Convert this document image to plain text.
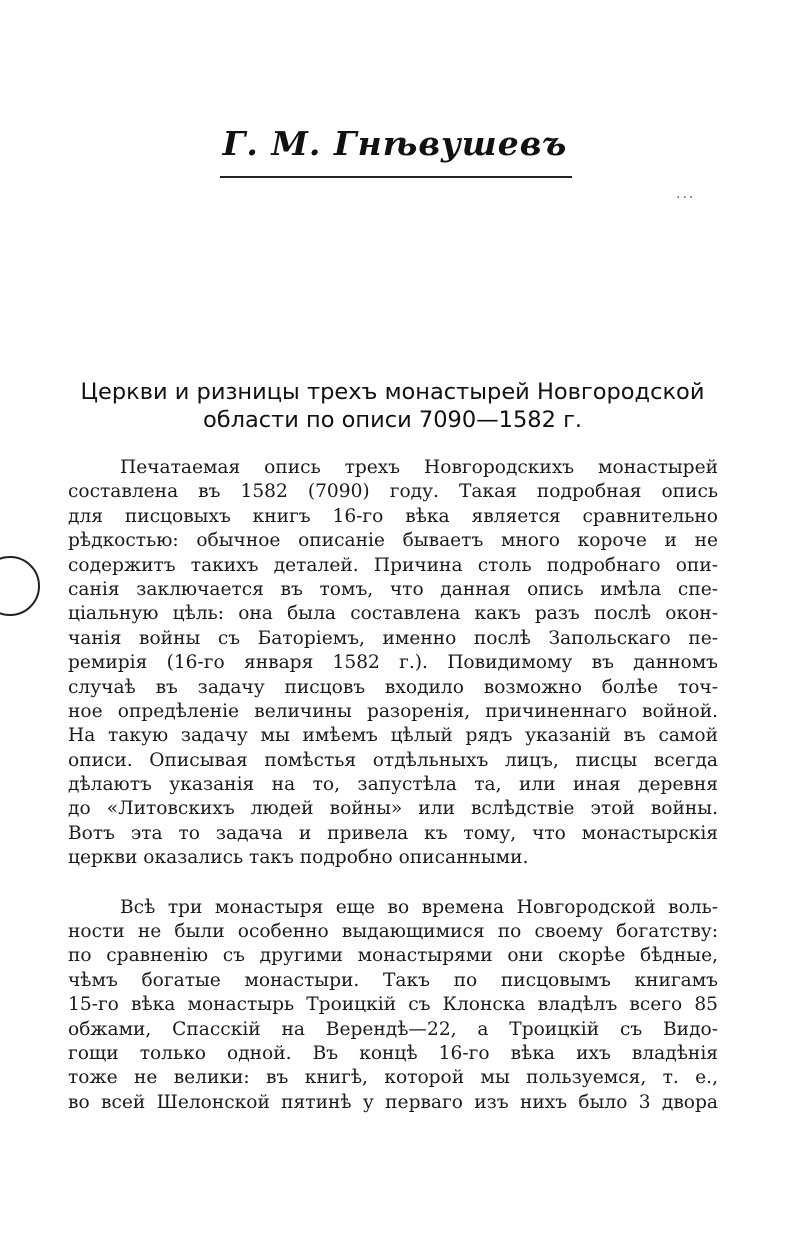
Г. М. Гнѣвушевъ
...
Церкви и ризницы трехъ монастырей Новгородской
области по описи 7090—1582 г.

Печатаемая опись трехъ Новгородскихъ монастырей
составлена въ 1582 (7090) году. Такая подробная опись
для писцовыхъ книгъ 16-го вѣка является сравнительно
рѣдкостью: обычное описаніе бываетъ много короче и не
содержитъ такихъ деталей. Причина столь подробнаго опи-
санія заключается въ томъ, что данная опись имѣла спе-
ціальную цѣль: она была составлена какъ разъ послѣ окон-
чанія войны съ Баторіемъ, именно послѣ Запольскаго пе-
ремирія (16-го января 1582 г.). Повидимому въ данномъ
случаѣ въ задачу писцовъ входило возможно болѣе точ-
ное опредѣленіе величины разоренія, причиненнаго войной.
На такую задачу мы имѣемъ цѣлый рядъ указаній въ самой
описи. Описывая помѣстья отдѣльныхъ лицъ, писцы всегда
дѣлаютъ указанія на то, запустѣла та, или иная деревня
до «Литовскихъ людей войны» или вслѣдствіе этой войны.
Вотъ эта то задача и привела къ тому, что монастырскія
церкви оказались такъ подробно описанными.

Всѣ три монастыря еще во времена Новгородской воль-
ности не были особенно выдающимися по своему богатству:
по сравненію съ другими монастырями они скорѣе бѣдные,
чѣмъ богатые монастыри. Такъ по писцовымъ книгамъ
15-го вѣка монастырь Троицкій съ Клонска владѣлъ всего 85
обжами, Спасскій на Верендѣ—22, а Троицкій съ Видо-
гощи только одной. Въ концѣ 16-го вѣка ихъ владѣнія
тоже не велики: въ книгѣ, которой мы пользуемся, т. е.,
во всей Шелонской пятинѣ у перваго изъ нихъ было 3 двора
